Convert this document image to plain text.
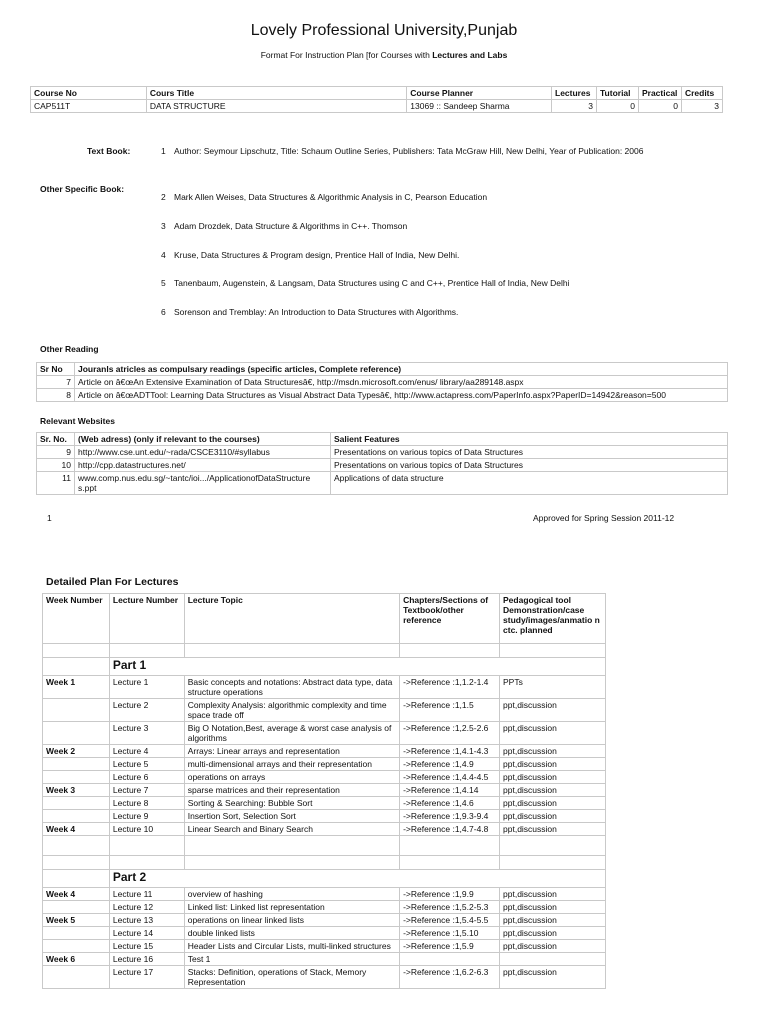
Lovely Professional University,Punjab
Format For Instruction Plan [for Courses with Lectures and Labs
Course No	Cours Title	Course Planner	Lectures	Tutorial	Practical	Credits
CAP511T	DATA STRUCTURE	13069 :: Sandeep Sharma	3	0	0	3
Text Book:	1 Author: Seymour Lipschutz, Title: Schaum Outline Series, Publishers: Tata McGraw Hill, New Delhi, Year of Publication: 2006
Other Specific Book:
2 Mark Allen Weises, Data Structures & Algorithmic Analysis in C, Pearson Education
3 Adam Drozdek, Data Structure & Algorithms in C++. Thomson
4 Kruse, Data Structures & Program design, Prentice Hall of India, New Delhi.
5 Tanenbaum, Augenstein, & Langsam, Data Structures using C and C++, Prentice Hall of India, New Delhi
6 Sorenson and Tremblay: An Introduction to Data Structures with Algorithms.
Other Reading
Sr No	Jouranls atricles as compulsary readings (specific articles, Complete reference)
7	Article on â€œAn Extensive Examination of Data Structuresâ€, http://msdn.microsoft.com/enus/ library/aa289148.aspx
8	Article on â€œADTTool: Learning Data Structures as Visual Abstract Data Typesâ€, http://www.actapress.com/PaperInfo.aspx?PaperID=14942&reason=500
Relevant Websites
Sr. No.	(Web adress) (only if relevant to the courses)	Salient Features
9	http://www.cse.unt.edu/~rada/CSCE3110/#syllabus	Presentations on various topics of Data Structures
10	http://cpp.datastructures.net/	Presentations on various topics of Data Structures
11	www.comp.nus.edu.sg/~tantc/ioi.../ApplicationofDataStructure s.ppt	Applications of data structure
1	Approved for Spring Session 2011-12
Detailed Plan For Lectures
Week Number	Lecture Number	Lecture Topic	Chapters/Sections of Textbook/other reference	Pedagogical tool Demonstration/case study/images/anmatio n ctc. planned

	Part 1			
Week 1	Lecture 1	Basic concepts and notations: Abstract data type, data structure operations	->Reference :1,1.2-1.4	PPTs
	Lecture 2	Complexity Analysis: algorithmic complexity and time space trade off	->Reference :1,1.5	ppt,discussion
	Lecture 3	Big O Notation,Best, average & worst case analysis of algorithms	->Reference :1,2.5-2.6	ppt,discussion
Week 2	Lecture 4	Arrays: Linear arrays and representation	->Reference :1,4.1-4.3	ppt,discussion
	Lecture 5	multi-dimensional arrays and their representation	->Reference :1,4.9	ppt,discussion
	Lecture 6	operations on arrays	->Reference :1,4.4-4.5	ppt,discussion
Week 3	Lecture 7	sparse matrices and their representation	->Reference :1,4.14	ppt,discussion
	Lecture 8	Sorting & Searching: Bubble Sort	->Reference :1,4.6	ppt,discussion
	Lecture 9	Insertion Sort, Selection Sort	->Reference :1,9.3-9.4	ppt,discussion
Week 4	Lecture 10	Linear Search and Binary Search	->Reference :1,4.7-4.8	ppt,discussion

	Part 2			
Week 4	Lecture 11	overview of hashing	->Reference :1,9.9	ppt,discussion
	Lecture 12	Linked list: Linked list representation	->Reference :1,5.2-5.3	ppt,discussion
Week 5	Lecture 13	operations on linear linked lists	->Reference :1,5.4-5.5	ppt,discussion
	Lecture 14	double linked lists	->Reference :1,5.10	ppt,discussion
	Lecture 15	Header Lists and Circular Lists, multi-linked structures	->Reference :1,5.9	ppt,discussion
Week 6	Lecture 16	Test 1		
	Lecture 17	Stacks: Definition, operations of Stack, Memory Representation	->Reference :1,6.2-6.3	ppt,discussion
